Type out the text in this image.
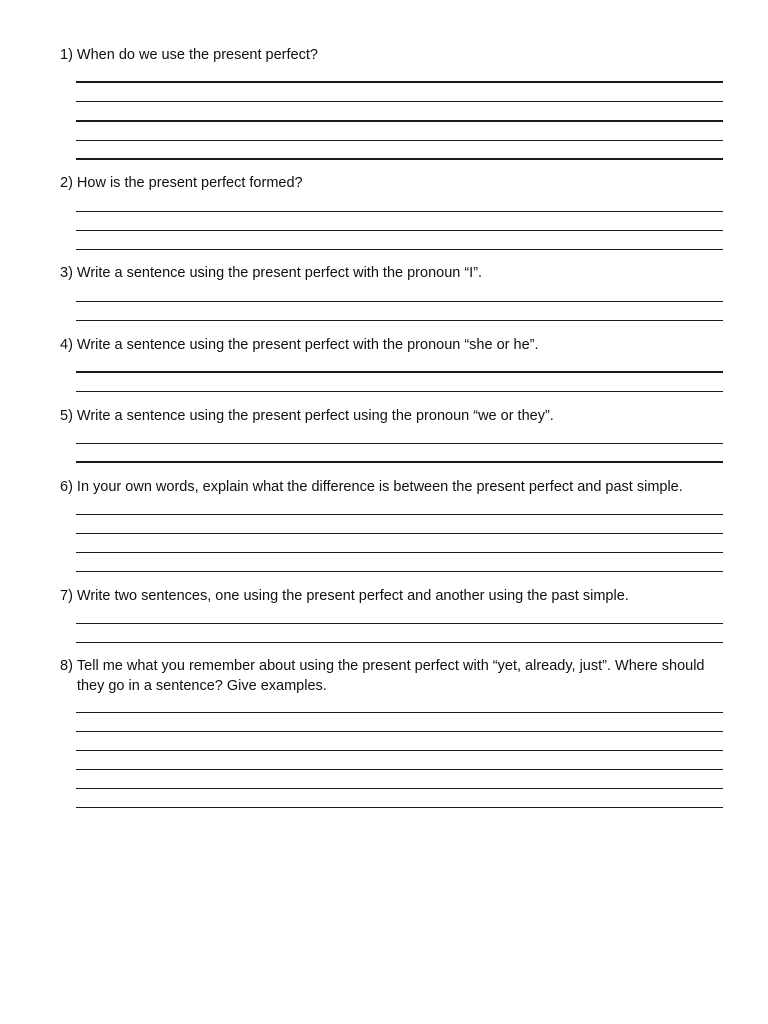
1) When do we use the present perfect?
2) How is the present perfect formed?
3) Write a sentence using the present perfect with the pronoun “I”.
4) Write a sentence using the present perfect with the pronoun “she or he”.
5) Write a sentence using the present perfect using the pronoun “we or they”.
6) In your own words, explain what the difference is between the present perfect and past simple.
7) Write two sentences, one using the present perfect and another using the past simple.
8) Tell me what you remember about using the present perfect with “yet, already, just”. Where should they go in a sentence? Give examples.
